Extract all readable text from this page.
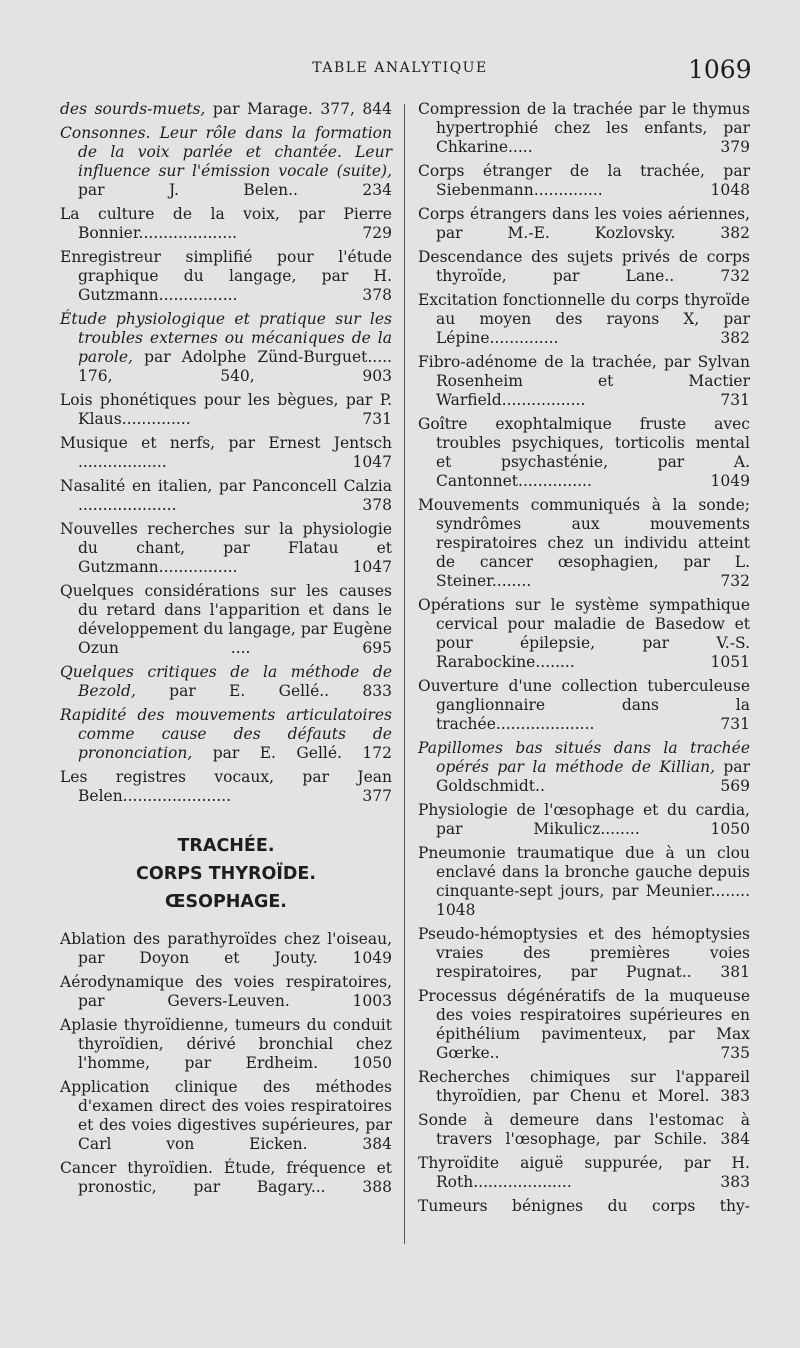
TABLE ANALYTIQUE	1069
des sourds-muets, par Marage. 377, 844
Consonnes. Leur rôle dans la formation de la voix parlée et chantée. Leur influence sur l'émission vocale (suite), par J. Belen.. 234
La culture de la voix, par Pierre Bonnier.................... 729
Enregistreur simplifié pour l'étude graphique du langage, par H. Gutzmann................ 378
Étude physiologique et pratique sur les troubles externes ou mécaniques de la parole, par Adolphe Zünd-Burguet..... 176, 540, 903
Lois phonétiques pour les bègues, par P. Klaus.............. 731
Musique et nerfs, par Ernest Jentsch .................. 1047
Nasalité en italien, par Panconcell Calzia .................... 378
Nouvelles recherches sur la physiologie du chant, par Flatau et Gutzmann................ 1047
Quelques considérations sur les causes du retard dans l'apparition et dans le développement du langage, par Eugène Ozun .... 695
Quelques critiques de la méthode de Bezold, par E. Gellé.. 833
Rapidité des mouvements articulatoires comme cause des défauts de prononciation, par E. Gellé. 172
Les registres vocaux, par Jean Belen...................... 377
TRACHÉE.
CORPS THYROÏDE.
ŒSOPHAGE.
Ablation des parathyroïdes chez l'oiseau, par Doyon et Jouty. 1049
Aérodynamique des voies respiratoires, par Gevers-Leuven. 1003
Aplasie thyroïdienne, tumeurs du conduit thyroïdien, dérivé bronchial chez l'homme, par Erdheim. 1050
Application clinique des méthodes d'examen direct des voies respiratoires et des voies digestives supérieures, par Carl von Eicken. 384
Cancer thyroïdien. Étude, fréquence et pronostic, par Bagary... 388
Compression de la trachée par le thymus hypertrophié chez les enfants, par Chkarine..... 379
Corps étranger de la trachée, par Siebenmann.............. 1048
Corps étrangers dans les voies aériennes, par M.-E. Kozlovsky. 382
Descendance des sujets privés de corps thyroïde, par Lane.. 732
Excitation fonctionnelle du corps thyroïde au moyen des rayons X, par Lépine.............. 382
Fibro-adénome de la trachée, par Sylvan Rosenheim et Mactier Warfield................. 731
Goître exophtalmique fruste avec troubles psychiques, torticolis mental et psychasténie, par A. Cantonnet............... 1049
Mouvements communiqués à la sonde; syndrômes aux mouvements respiratoires chez un individu atteint de cancer œsophagien, par L. Steiner........ 732
Opérations sur le système sympathique cervical pour maladie de Basedow et pour épilepsie, par V.-S. Rarabockine........ 1051
Ouverture d'une collection tuberculeuse ganglionnaire dans la trachée.................... 731
Papillomes bas situés dans la trachée opérés par la méthode de Killian, par Goldschmidt.. 569
Physiologie de l'œsophage et du cardia, par Mikulicz........ 1050
Pneumonie traumatique due à un clou enclavé dans la bronche gauche depuis cinquante-sept jours, par Meunier........ 1048
Pseudo-hémoptysies et des hémoptysies vraies des premières voies respiratoires, par Pugnat.. 381
Processus dégénératifs de la muqueuse des voies respiratoires supérieures en épithélium pavimenteux, par Max Gœrke.. 735
Recherches chimiques sur l'appareil thyroïdien, par Chenu et Morel. 383
Sonde à demeure dans l'estomac à travers l'œsophage, par Schile. 384
Thyroïdite aiguë suppurée, par H. Roth.................... 383
Tumeurs bénignes du corps thy-
